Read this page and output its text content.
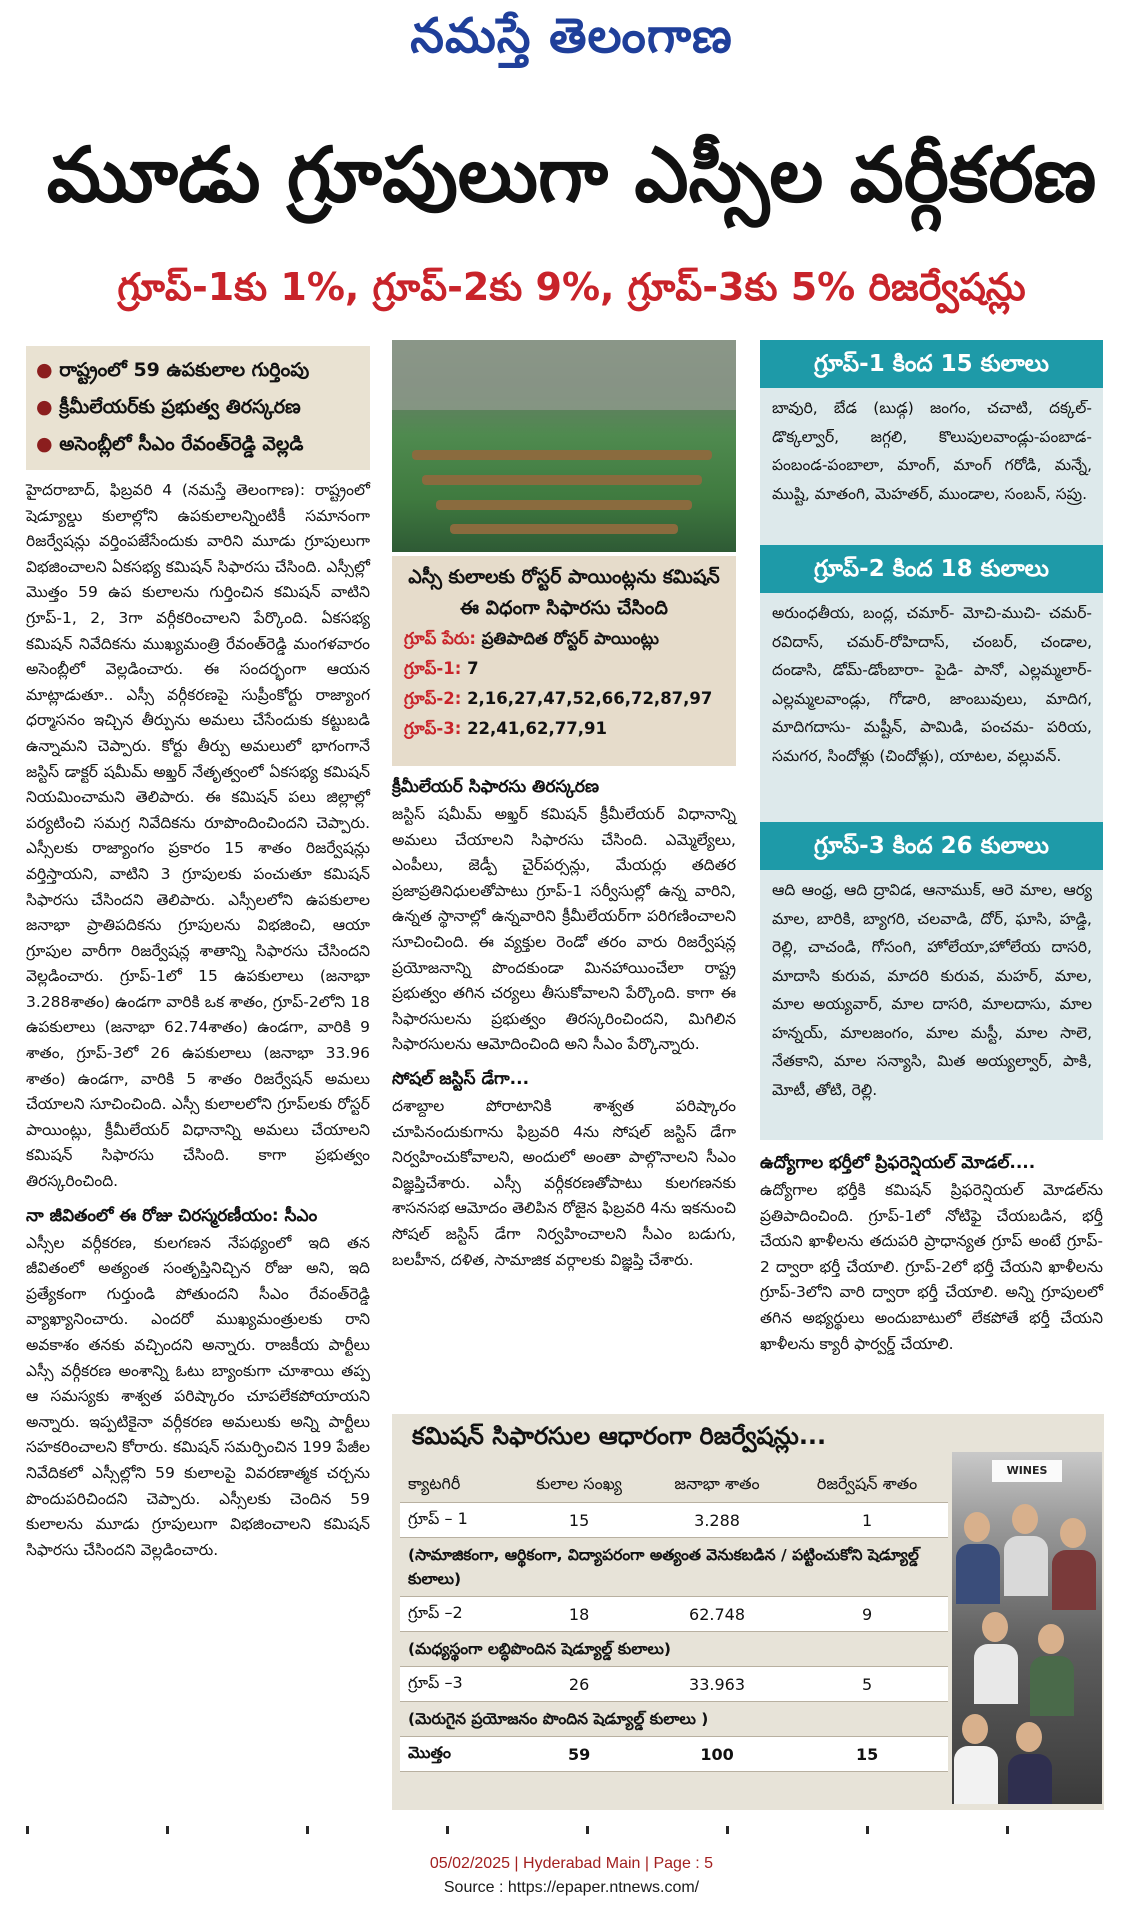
నమస్తే తెలంగాణ
మూడు గ్రూపులుగా ఎస్సీల వర్గీకరణ
గ్రూప్-1కు 1%, గ్రూప్-2కు 9%, గ్రూప్-3కు 5% రిజర్వేషన్లు
● రాష్ట్రంలో 59 ఉపకులాల గుర్తింపు
● క్రీమీలేయర్‌కు ప్రభుత్వ తిరస్కరణ
● అసెంబ్లీలో సీఎం రేవంత్‌రెడ్డి వెల్లడి

హైదరాబాద్, ఫిబ్రవరి 4 (నమస్తే తెలంగాణ): రాష్ట్రంలో షెడ్యూల్డు కులాల్లోని ఉపకులాలన్నింటికీ సమానంగా రిజర్వేషన్లు వర్తింపజేసేందుకు వారిని మూడు గ్రూపులుగా విభజించాలని ఏకసభ్య కమిషన్ సిఫారసు చేసింది. ఎస్సీల్లో మొత్తం 59 ఉప కులాలను గుర్తించిన కమిషన్ వాటిని గ్రూప్-1, 2, 3గా వర్గీకరించాలని పేర్కొంది. ఏకసభ్య కమిషన్ నివేదికను ముఖ్యమంత్రి రేవంత్‌రెడ్డి మంగళవారం అసెంబ్లీలో వెల్లడించారు. ఈ సందర్భంగా ఆయన మాట్లాడుతూ.. ఎస్సీ వర్గీకరణపై సుప్రీంకోర్టు రాజ్యాంగ ధర్మాసనం ఇచ్చిన తీర్పును అమలు చేసేందుకు కట్టుబడి ఉన్నామని చెప్పారు. కోర్టు తీర్పు అమలులో భాగంగానే జస్టిస్ డాక్టర్ షమీమ్ అఖ్తర్ నేతృత్వంలో ఏకసభ్య కమిషన్ నియమించామని తెలిపారు. ఈ కమిషన్ పలు జిల్లాల్లో పర్యటించి సమగ్ర నివేదికను రూపొందించిందని చెప్పారు. ఎస్సీలకు రాజ్యాంగం ప్రకారం 15 శాతం రిజర్వేషన్లు వర్తిస్తాయని, వాటిని 3 గ్రూపులకు పంచుతూ కమిషన్ సిఫారసు చేసిందని తెలిపారు. ఎస్సీలలోని ఉపకులాల జనాభా ప్రాతిపదికను గ్రూపులను విభజించి, ఆయా గ్రూపుల వారీగా రిజర్వేషన్ల శాతాన్ని సిఫారసు చేసిందని వెల్లడించారు. గ్రూప్-1లో 15 ఉపకులాలు (జనాభా 3.288శాతం) ఉండగా వారికి ఒక శాతం, గ్రూప్-2లోని 18 ఉపకులాలు (జనాభా 62.74శాతం) ఉండగా, వారికి 9 శాతం, గ్రూప్-3లో 26 ఉపకులాలు (జనాభా 33.96 శాతం) ఉండగా, వారికి 5 శాతం రిజర్వేషన్ అమలు చేయాలని సూచించింది. ఎస్సీ కులాలలోని గ్రూప్‌లకు రోస్టర్ పాయింట్లు, క్రీమీలేయర్ విధానాన్ని అమలు చేయాలని కమిషన్ సిఫారసు చేసింది. కాగా ప్రభుత్వం తిరస్కరించింది.

నా జీవితంలో ఈ రోజు చిరస్మరణీయం: సీఎం

ఎస్సీల వర్గీకరణ, కులగణన నేపథ్యంలో ఇది తన జీవితంలో అత్యంత సంతృప్తినిచ్చిన రోజు అని, ఇది ప్రత్యేకంగా గుర్తుండి పోతుందని సీఎం రేవంత్‌రెడ్డి వ్యాఖ్యానించారు. ఎందరో ముఖ్యమంత్రులకు రాని అవకాశం తనకు వచ్చిందని అన్నారు. రాజకీయ పార్టీలు ఎస్సీ వర్గీకరణ అంశాన్ని ఓటు బ్యాంకుగా చూశాయి తప్ప ఆ సమస్యకు శాశ్వత పరిష్కారం చూపలేకపోయాయని అన్నారు. ఇప్పటికైనా వర్గీకరణ అమలుకు అన్ని పార్టీలు సహకరించాలని కోరారు. కమిషన్ సమర్పించిన 199 పేజీల నివేదికలో ఎస్సీల్లోని 59 కులాలపై వివరణాత్మక చర్చను పొందుపరిచిందని చెప్పారు. ఎస్సీలకు చెందిన 59 కులాలను మూడు గ్రూపులుగా విభజించాలని కమిషన్ సిఫారసు చేసిందని వెల్లడించారు.

ఎస్సీ కులాలకు రోస్టర్ పాయింట్లను కమిషన్ ఈ విధంగా సిఫారసు చేసింది
గ్రూప్ పేరు: ప్రతిపాదిత రోస్టర్ పాయింట్లు
గ్రూప్-1: 7
గ్రూప్-2: 2,16,27,47,52,66,72,87,97
గ్రూప్-3: 22,41,62,77,91

క్రీమీలేయర్ సిఫారసు తిరస్కరణ

జస్టిస్ షమీమ్ అఖ్తర్ కమిషన్ క్రీమీలేయర్ విధానాన్ని అమలు చేయాలని సిఫారసు చేసింది. ఎమ్మెల్యేలు, ఎంపీలు, జెడ్పీ చైర్‌పర్సన్లు, మేయర్లు తదితర ప్రజాప్రతినిధులతోపాటు గ్రూప్-1 సర్వీసుల్లో ఉన్న వారిని, ఉన్నత స్థానాల్లో ఉన్నవారిని క్రీమీలేయర్‌గా పరిగణించాలని సూచించింది. ఈ వ్యక్తుల రెండో తరం వారు రిజర్వేషన్ల ప్రయోజనాన్ని పొందకుండా మినహాయించేలా రాష్ట్ర ప్రభుత్వం తగిన చర్యలు తీసుకోవాలని పేర్కొంది. కాగా ఈ సిఫారసులను ప్రభుత్వం తిరస్కరించిందని, మిగిలిన సిఫారసులను ఆమోదించింది అని సీఎం పేర్కొన్నారు.

సోషల్ జస్టిస్ డేగా...

దశాబ్దాల పోరాటానికి శాశ్వత పరిష్కారం చూపినందుకుగాను ఫిబ్రవరి 4ను సోషల్ జస్టిస్ డేగా నిర్వహించుకోవాలని, అందులో అంతా పాల్గొనాలని సీఎం విజ్ఞప్తిచేశారు. ఎస్సీ వర్గీకరణతోపాటు కులగణనకు శాసనసభ ఆమోదం తెలిపిన రోజైన ఫిబ్రవరి 4ను ఇకనుంచి సోషల్ జస్టిస్ డేగా నిర్వహించాలని సీఎం బడుగు, బలహీన, దళిత, సామాజిక వర్గాలకు విజ్ఞప్తి చేశారు.

గ్రూప్-1 కింద 15 కులాలు
బావురి, బేడ (బుడ్గ) జంగం, చచాటి, దక్కల్- డొక్కల్వార్, జగ్గలి, కొలుపులవాండ్లు-పంబాడ-పంబండ-పంబాలా, మాంగ్, మాంగ్ గరోడి, మన్నే, ముష్టి, మాతంగి, మెహతర్, ముండాల, సంబన్, సప్రు.
గ్రూప్-2 కింద 18 కులాలు
అరుంధతీయ, బంద్ల, చమార్- మోచి-ముచి- చమర్-రవిదాస్, చమర్-రోహిదాస్, చంబర్, చండాల, దండాసి, డోమ్-డోంబారా- పైడి- పానో, ఎల్లమ్మలార్-ఎల్లమ్మలవాండ్లు, గోడారి, జాంబువులు, మాదిగ, మాదిగదాసు- మష్టీన్, పామిడి, పంచమ- పరియ, సమగర, సిందోళ్లు (చిందోళ్లు), యాటల, వల్లువన్.
గ్రూప్-3 కింద 26 కులాలు
ఆది ఆంధ్ర, ఆది ద్రావిడ, ఆనాముక్, ఆరె మాల, ఆర్య మాల, బారికి, బ్యాగరి, చలవాడి, దోర్, ఘాసి, హడ్డి, రెల్లి, చాచండి, గోసంగి, హోలేయా,హోలేయ దాసరి, మాదాసి కురువ, మాదరి కురువ, మహర్, మాల, మాల అయ్యవార్, మాల దాసరి, మాలదాసు, మాల హన్నయ్, మాలజంగం, మాల మస్టీ, మాల సాలె, నేతకాని, మాల సన్యాసి, మిత అయ్యల్వార్, పాకి, మోటీ, తోటి, రెల్లి.

ఉద్యోగాల భర్తీలో ప్రిఫరెన్షియల్ మోడల్....

ఉద్యోగాల భర్తీకి కమిషన్ ప్రిఫరెన్షియల్ మోడల్‌ను ప్రతిపాదించింది. గ్రూప్-1లో నోటిఫై చేయబడిన, భర్తీ చేయని ఖాళీలను తదుపరి ప్రాధాన్యత గ్రూప్ అంటే గ్రూప్- 2 ద్వారా భర్తీ చేయాలి. గ్రూప్-2లో భర్తీ చేయని ఖాళీలను గ్రూప్-3లోని వారి ద్వారా భర్తీ చేయాలి. అన్ని గ్రూపులలో తగిన అభ్యర్థులు అందుబాటులో లేకపోతే భర్తీ చేయని ఖాళీలను క్యారీ ఫార్వర్డ్ చేయాలి.

కమిషన్ సిఫారసుల ఆధారంగా రిజర్వేషన్లు...
క్యాటగిరీ	కులాల సంఖ్య	జనాభా శాతం	రిజర్వేషన్ శాతం
గ్రూప్ – 1	15	3.288	1
(సామాజికంగా, ఆర్థికంగా, విద్యాపరంగా అత్యంత వెనుకబడిన / పట్టించుకోని షెడ్యూల్డ్ కులాలు)			
గ్రూప్ –2	18	62.748	9
(మధ్యస్థంగా లబ్ధిపొందిన షెడ్యూల్డ్ కులాలు)			
గ్రూప్ –3	26	33.963	5
(మెరుగైన ప్రయోజనం పొందిన షెడ్యూల్డ్ కులాలు )			
మొత్తం	59	100	15
WINES
05/02/2025 | Hyderabad Main | Page : 5
Source : https://epaper.ntnews.com/
